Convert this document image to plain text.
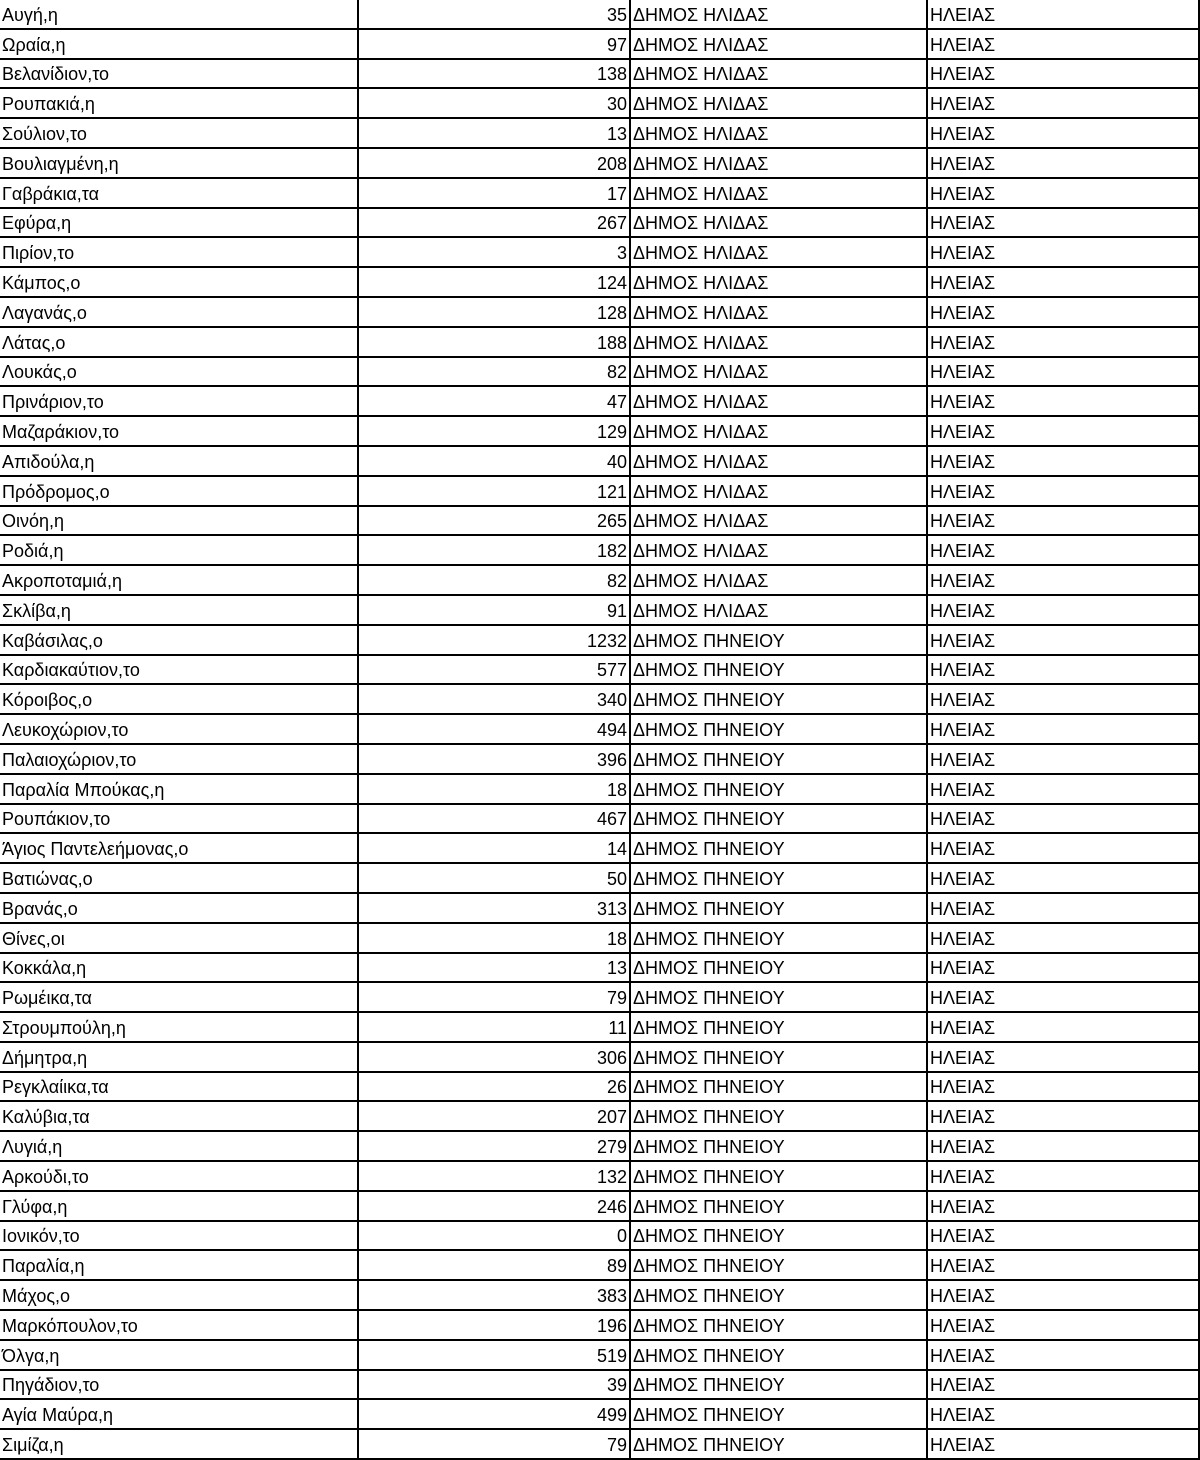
Αυγή,η	35	ΔΗΜΟΣ ΗΛΙΔΑΣ	ΗΛΕΙΑΣ
Ωραία,η	97	ΔΗΜΟΣ ΗΛΙΔΑΣ	ΗΛΕΙΑΣ
Βελανίδιον,το	138	ΔΗΜΟΣ ΗΛΙΔΑΣ	ΗΛΕΙΑΣ
Ρουπακιά,η	30	ΔΗΜΟΣ ΗΛΙΔΑΣ	ΗΛΕΙΑΣ
Σούλιον,το	13	ΔΗΜΟΣ ΗΛΙΔΑΣ	ΗΛΕΙΑΣ
Βουλιαγμένη,η	208	ΔΗΜΟΣ ΗΛΙΔΑΣ	ΗΛΕΙΑΣ
Γαβράκια,τα	17	ΔΗΜΟΣ ΗΛΙΔΑΣ	ΗΛΕΙΑΣ
Εφύρα,η	267	ΔΗΜΟΣ ΗΛΙΔΑΣ	ΗΛΕΙΑΣ
Πιρίον,το	3	ΔΗΜΟΣ ΗΛΙΔΑΣ	ΗΛΕΙΑΣ
Κάμπος,ο	124	ΔΗΜΟΣ ΗΛΙΔΑΣ	ΗΛΕΙΑΣ
Λαγανάς,ο	128	ΔΗΜΟΣ ΗΛΙΔΑΣ	ΗΛΕΙΑΣ
Λάτας,ο	188	ΔΗΜΟΣ ΗΛΙΔΑΣ	ΗΛΕΙΑΣ
Λουκάς,ο	82	ΔΗΜΟΣ ΗΛΙΔΑΣ	ΗΛΕΙΑΣ
Πρινάριον,το	47	ΔΗΜΟΣ ΗΛΙΔΑΣ	ΗΛΕΙΑΣ
Μαζαράκιον,το	129	ΔΗΜΟΣ ΗΛΙΔΑΣ	ΗΛΕΙΑΣ
Απιδούλα,η	40	ΔΗΜΟΣ ΗΛΙΔΑΣ	ΗΛΕΙΑΣ
Πρόδρομος,ο	121	ΔΗΜΟΣ ΗΛΙΔΑΣ	ΗΛΕΙΑΣ
Οινόη,η	265	ΔΗΜΟΣ ΗΛΙΔΑΣ	ΗΛΕΙΑΣ
Ροδιά,η	182	ΔΗΜΟΣ ΗΛΙΔΑΣ	ΗΛΕΙΑΣ
Ακροποταμιά,η	82	ΔΗΜΟΣ ΗΛΙΔΑΣ	ΗΛΕΙΑΣ
Σκλίβα,η	91	ΔΗΜΟΣ ΗΛΙΔΑΣ	ΗΛΕΙΑΣ
Καβάσιλας,ο	1232	ΔΗΜΟΣ ΠΗΝΕΙΟΥ	ΗΛΕΙΑΣ
Καρδιακαύτιον,το	577	ΔΗΜΟΣ ΠΗΝΕΙΟΥ	ΗΛΕΙΑΣ
Κόροιβος,ο	340	ΔΗΜΟΣ ΠΗΝΕΙΟΥ	ΗΛΕΙΑΣ
Λευκοχώριον,το	494	ΔΗΜΟΣ ΠΗΝΕΙΟΥ	ΗΛΕΙΑΣ
Παλαιοχώριον,το	396	ΔΗΜΟΣ ΠΗΝΕΙΟΥ	ΗΛΕΙΑΣ
Παραλία Μπούκας,η	18	ΔΗΜΟΣ ΠΗΝΕΙΟΥ	ΗΛΕΙΑΣ
Ρουπάκιον,το	467	ΔΗΜΟΣ ΠΗΝΕΙΟΥ	ΗΛΕΙΑΣ
Άγιος Παντελεήμονας,ο	14	ΔΗΜΟΣ ΠΗΝΕΙΟΥ	ΗΛΕΙΑΣ
Βατιώνας,ο	50	ΔΗΜΟΣ ΠΗΝΕΙΟΥ	ΗΛΕΙΑΣ
Βρανάς,ο	313	ΔΗΜΟΣ ΠΗΝΕΙΟΥ	ΗΛΕΙΑΣ
Θίνες,οι	18	ΔΗΜΟΣ ΠΗΝΕΙΟΥ	ΗΛΕΙΑΣ
Κοκκάλα,η	13	ΔΗΜΟΣ ΠΗΝΕΙΟΥ	ΗΛΕΙΑΣ
Ρωμέικα,τα	79	ΔΗΜΟΣ ΠΗΝΕΙΟΥ	ΗΛΕΙΑΣ
Στρουμπούλη,η	11	ΔΗΜΟΣ ΠΗΝΕΙΟΥ	ΗΛΕΙΑΣ
Δήμητρα,η	306	ΔΗΜΟΣ ΠΗΝΕΙΟΥ	ΗΛΕΙΑΣ
Ρεγκλαίικα,τα	26	ΔΗΜΟΣ ΠΗΝΕΙΟΥ	ΗΛΕΙΑΣ
Καλύβια,τα	207	ΔΗΜΟΣ ΠΗΝΕΙΟΥ	ΗΛΕΙΑΣ
Λυγιά,η	279	ΔΗΜΟΣ ΠΗΝΕΙΟΥ	ΗΛΕΙΑΣ
Αρκούδι,το	132	ΔΗΜΟΣ ΠΗΝΕΙΟΥ	ΗΛΕΙΑΣ
Γλύφα,η	246	ΔΗΜΟΣ ΠΗΝΕΙΟΥ	ΗΛΕΙΑΣ
Ιονικόν,το	0	ΔΗΜΟΣ ΠΗΝΕΙΟΥ	ΗΛΕΙΑΣ
Παραλία,η	89	ΔΗΜΟΣ ΠΗΝΕΙΟΥ	ΗΛΕΙΑΣ
Μάχος,ο	383	ΔΗΜΟΣ ΠΗΝΕΙΟΥ	ΗΛΕΙΑΣ
Μαρκόπουλον,το	196	ΔΗΜΟΣ ΠΗΝΕΙΟΥ	ΗΛΕΙΑΣ
Όλγα,η	519	ΔΗΜΟΣ ΠΗΝΕΙΟΥ	ΗΛΕΙΑΣ
Πηγάδιον,το	39	ΔΗΜΟΣ ΠΗΝΕΙΟΥ	ΗΛΕΙΑΣ
Αγία Μαύρα,η	499	ΔΗΜΟΣ ΠΗΝΕΙΟΥ	ΗΛΕΙΑΣ
Σιμίζα,η	79	ΔΗΜΟΣ ΠΗΝΕΙΟΥ	ΗΛΕΙΑΣ
